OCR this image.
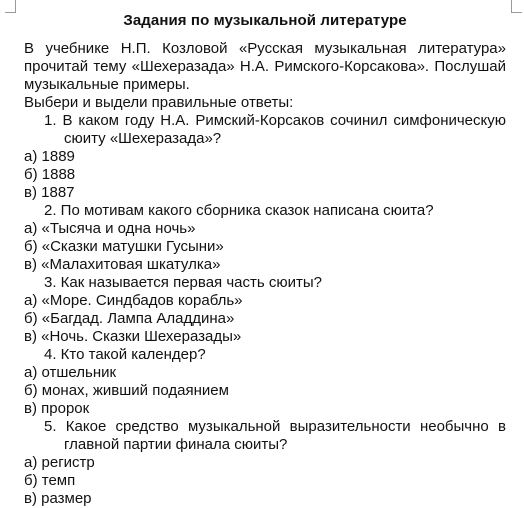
Задания по музыкальной литературе

В учебнике Н.П. Козловой «Русская музыкальная литература» прочитай тему «Шехеразада» Н.А. Римского-Корсакова». Послушай музыкальные примеры.

Выбери и выдели правильные ответы:

1. В каком году Н.А. Римский-Корсаков сочинил симфоническую сюиту «Шехеразада»?

а) 1889

б) 1888

в) 1887

2. По мотивам какого сборника сказок написана сюита?

а) «Тысяча и одна ночь»

б) «Сказки матушки Гусыни»

в) «Малахитовая шкатулка»

3. Как называется первая часть сюиты?

а) «Море. Синдбадов корабль»

б) «Багдад. Лампа Аладдина»

в) «Ночь. Сказки Шехеразады»

4. Кто такой календер?

а) отшельник

б) монах, живший подаянием

в) пророк

5. Какое средство музыкальной выразительности необычно в главной партии финала сюиты?

а) регистр

б) темп

в) размер
